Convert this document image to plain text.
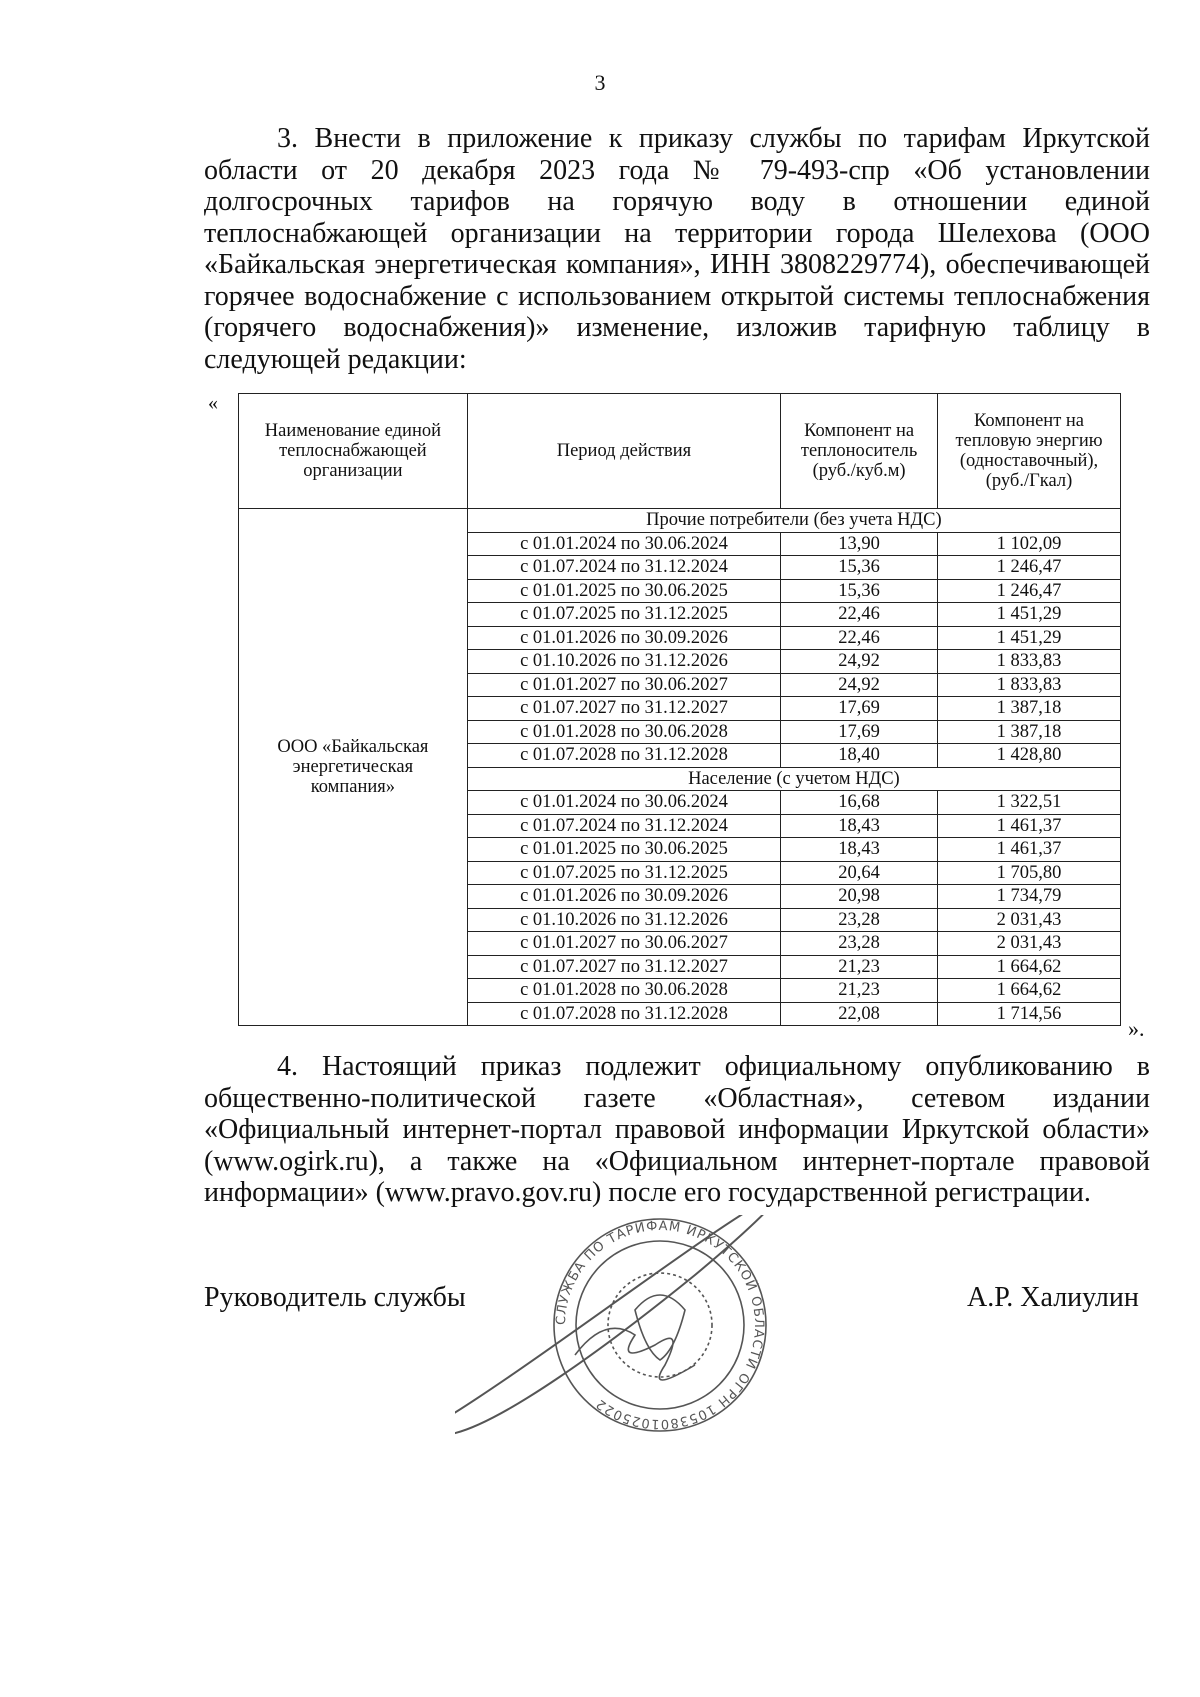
3

3. Внести в приложение к приказу службы по тарифам Иркутской области от 20 декабря 2023 года № 79-493-спр «Об установлении долгосрочных тарифов на горячую воду в отношении единой теплоснабжающей организации на территории города Шелехова (ООО «Байкальская энергетическая компания», ИНН 3808229774), обеспечивающей горячее водоснабжение с использованием открытой системы теплоснабжения (горячего водоснабжения)» изменение, изложив тарифную таблицу в следующей редакции:

«
Наименование единой теплоснабжающей организации	Период действия	Компонент на теплоноситель (руб./куб.м)	Компонент на тепловую энергию (одноставочный), (руб./Гкал)
ООО «Байкальская энергетическая компания»	Прочие потребители (без учета НДС)		
	с 01.01.2024 по 30.06.2024	13,90	1 102,09
	с 01.07.2024 по 31.12.2024	15,36	1 246,47
	с 01.01.2025 по 30.06.2025	15,36	1 246,47
	с 01.07.2025 по 31.12.2025	22,46	1 451,29
	с 01.01.2026 по 30.09.2026	22,46	1 451,29
	с 01.10.2026 по 31.12.2026	24,92	1 833,83
	с 01.01.2027 по 30.06.2027	24,92	1 833,83
	с 01.07.2027 по 31.12.2027	17,69	1 387,18
	с 01.01.2028 по 30.06.2028	17,69	1 387,18
	с 01.07.2028 по 31.12.2028	18,40	1 428,80
	Население (с учетом НДС)		
	с 01.01.2024 по 30.06.2024	16,68	1 322,51
	с 01.07.2024 по 31.12.2024	18,43	1 461,37
	с 01.01.2025 по 30.06.2025	18,43	1 461,37
	с 01.07.2025 по 31.12.2025	20,64	1 705,80
	с 01.01.2026 по 30.09.2026	20,98	1 734,79
	с 01.10.2026 по 31.12.2026	23,28	2 031,43
	с 01.01.2027 по 30.06.2027	23,28	2 031,43
	с 01.07.2027 по 31.12.2027	21,23	1 664,62
	с 01.01.2028 по 30.06.2028	21,23	1 664,62
	с 01.07.2028 по 31.12.2028	22,08	1 714,56
».

4. Настоящий приказ подлежит официальному опубликованию в общественно-политической газете «Областная», сетевом издании «Официальный интернет-портал правовой информации Иркутской области» (www.ogirk.ru), а также на «Официальном интернет-портале правовой информации» (www.pravo.gov.ru) после его государственной регистрации.

Руководитель службы	А.Р. Халиулин
СЛУЖБА ПО ТАРИФАМ ИРКУТСКОЙ ОБЛАСТИ ОГРН 1053801025022
